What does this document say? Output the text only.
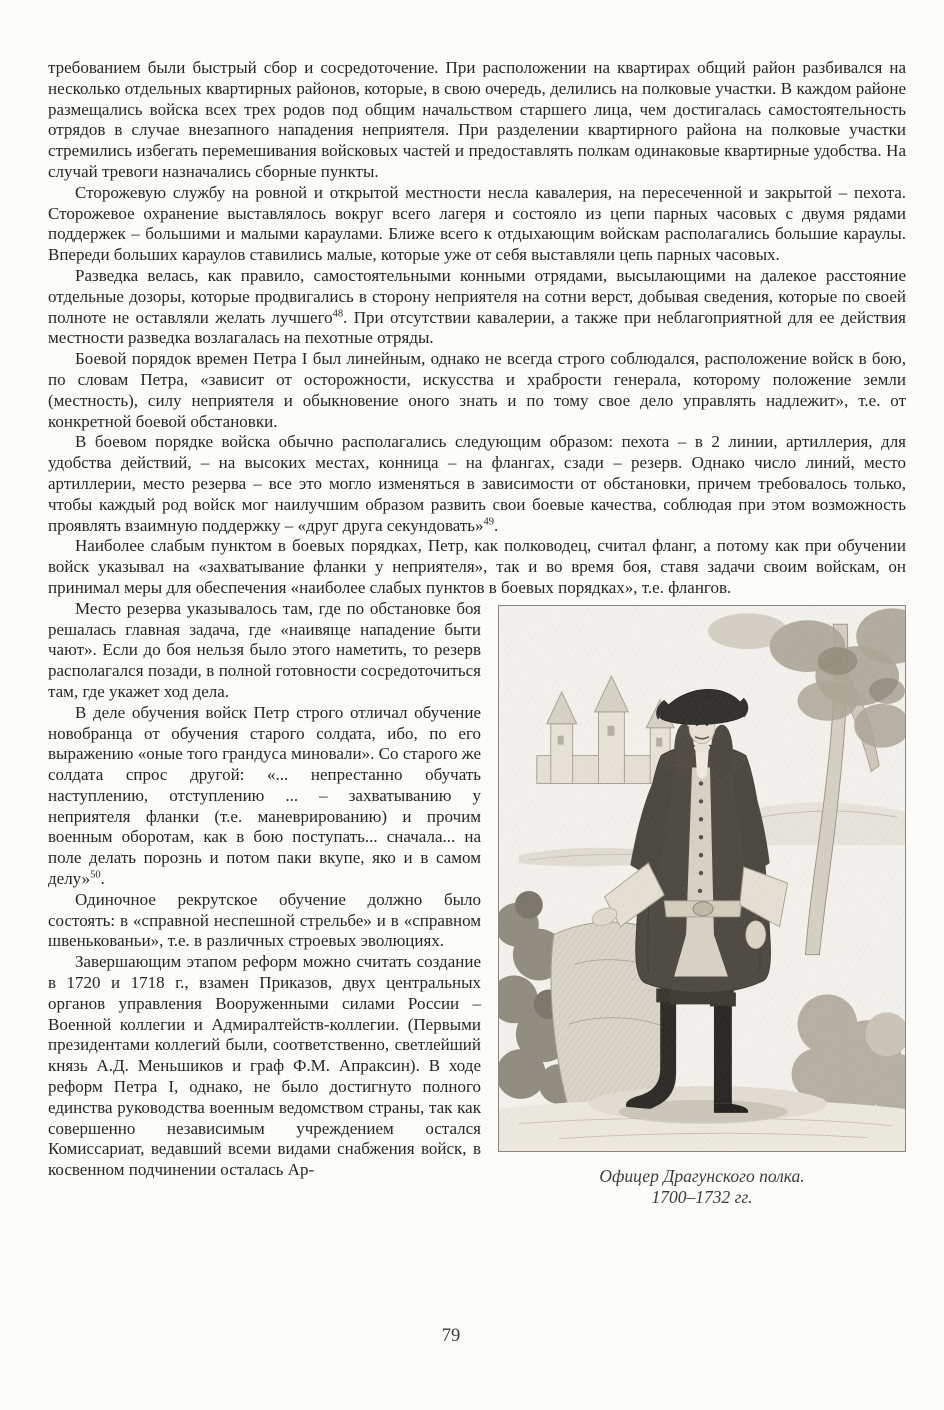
требованием были быстрый сбор и сосредоточение. При расположении на квартирах общий район разбивался на несколько отдельных квартирных районов, которые, в свою очередь, делились на полковые участки. В каждом районе размещались войска всех трех родов под общим начальством старшего лица, чем достигалась самостоятельность отрядов в случае внезапного нападения неприятеля. При разделении квартирного района на полковые участки стремились избегать перемешивания войсковых частей и предоставлять полкам одинаковые квартирные удобства. На случай тревоги назначались сборные пункты.

Сторожевую службу на ровной и открытой местности несла кавалерия, на пересеченной и закрытой – пехота. Сторожевое охранение выставлялось вокруг всего лагеря и состояло из цепи парных часовых с двумя рядами поддержек – большими и малыми караулами. Ближе всего к отдыхающим войскам располагались большие караулы. Впереди больших караулов ставились малые, которые уже от себя выставляли цепь парных часовых.

Разведка велась, как правило, самостоятельными конными отрядами, высылающими на далекое расстояние отдельные дозоры, которые продвигались в сторону неприятеля на сотни верст, добывая сведения, которые по своей полноте не оставляли желать лучшего$^{48}$. При отсутствии кавалерии, а также при неблагоприятной для ее действия местности разведка возлагалась на пехотные отряды.

Боевой порядок времен Петра I был линейным, однако не всегда строго соблюдался, расположение войск в бою, по словам Петра, «зависит от осторожности, искусства и храбрости генерала, которому положение земли (местность), силу неприятеля и обыкновение оного знать и по тому свое дело управлять надлежит», т.е. от конкретной боевой обстановки.

В боевом порядке войска обычно располагались следующим образом: пехота – в 2 линии, артиллерия, для удобства действий, – на высоких местах, конница – на флангах, сзади – резерв. Однако число линий, место артиллерии, место резерва – все это могло изменяться в зависимости от обстановки, причем требовалось только, чтобы каждый род войск мог наилучшим образом развить свои боевые качества, соблюдая при этом возможность проявлять взаимную поддержку – «друг друга секундовать»$^{49}$.

Наиболее слабым пунктом в боевых порядках, Петр, как полководец, считал фланг, а потому как при обучении войск указывал на «захватывание фланки у неприятеля», так и во время боя, ставя задачи своим войскам, он принимал меры для обеспечения «наиболее слабых пунктов в боевых порядках», т.е. флангов.

Офицер Драгунского полка.
1700–1732 гг.

Место резерва указывалось там, где по обстановке боя решалась главная задача, где «наивяще нападение быти чают». Если до боя нельзя было этого наметить, то резерв располагался позади, в полной готовности сосредоточиться там, где укажет ход дела.

В деле обучения войск Петр строго отличал обучение новобранца от обучения старого солдата, ибо, по его выражению «оные того грандуса миновали». Со старого же солдата спрос другой: «... непрестанно обучать наступлению, отступлению ... – захватыванию у неприятеля фланки (т.е. маневрированию) и прочим военным оборотам, как в бою поступать... сначала... на поле делать порознь и потом паки вкупе, яко и в самом делу»$^{50}$.

Одиночное рекрутское обучение должно было состоять: в «справной неспешной стрельбе» и в «справном швенькованьи», т.е. в различных строевых эволюциях.

Завершающим этапом реформ можно считать создание в 1720 и 1718 г., взамен Приказов, двух центральных органов управления Вооруженными силами России – Военной коллегии и Адмиралтейств-коллегии. (Первыми президентами коллегий были, соответственно, светлейший князь А.Д. Меньшиков и граф Ф.М. Апраксин). В ходе реформ Петра I, однако, не было достигнуто полного единства руководства военным ведомством страны, так как совершенно независимым учреждением остался Комиссариат, ведавший всеми видами снабжения войск, в косвенном подчинении осталась Ар-

79
